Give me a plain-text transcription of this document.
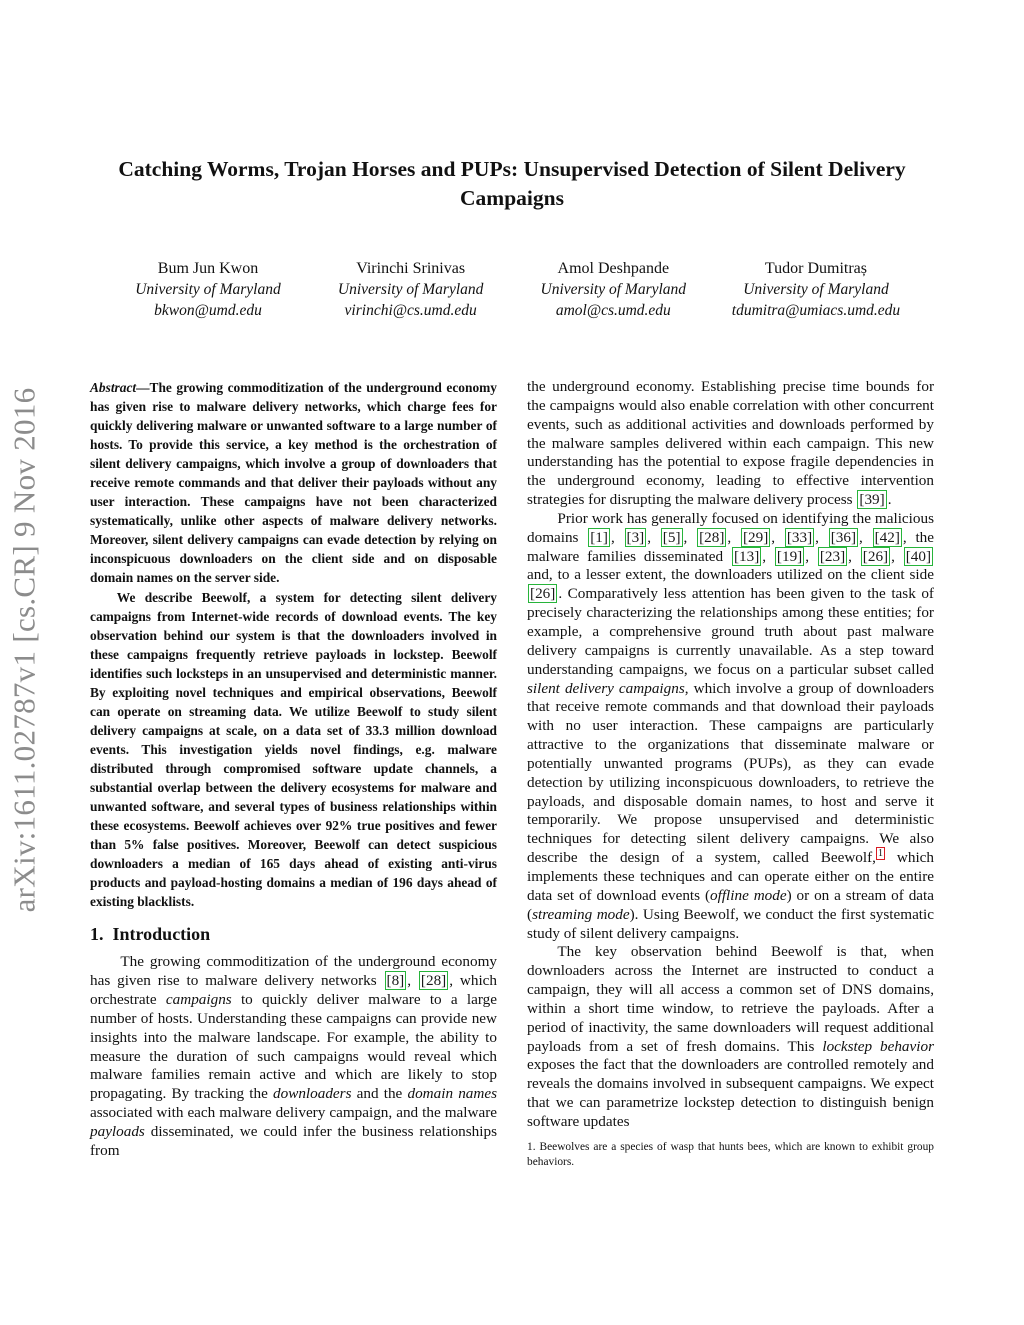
arXiv:1611.02787v1 [cs.CR] 9 Nov 2016
Catching Worms, Trojan Horses and PUPs: Unsupervised Detection of Silent Delivery Campaigns
Bum Jun Kwon
University of Maryland
bkwon@umd.edu
Virinchi Srinivas
University of Maryland
virinchi@cs.umd.edu
Amol Deshpande
University of Maryland
amol@cs.umd.edu
Tudor Dumitraș
University of Maryland
tdumitra@umiacs.umd.edu

Abstract—The growing commoditization of the underground economy has given rise to malware delivery networks, which charge fees for quickly delivering malware or unwanted software to a large number of hosts. To provide this service, a key method is the orchestration of silent delivery campaigns, which involve a group of downloaders that receive remote commands and that deliver their payloads without any user interaction. These campaigns have not been characterized systematically, unlike other aspects of malware delivery networks. Moreover, silent delivery campaigns can evade detection by relying on inconspicuous downloaders on the client side and on disposable domain names on the server side.

We describe Beewolf, a system for detecting silent delivery campaigns from Internet-wide records of download events. The key observation behind our system is that the downloaders involved in these campaigns frequently retrieve payloads in lockstep. Beewolf identifies such locksteps in an unsupervised and deterministic manner. By exploiting novel techniques and empirical observations, Beewolf can operate on streaming data. We utilize Beewolf to study silent delivery campaigns at scale, on a data set of 33.3 million download events. This investigation yields novel findings, e.g. malware distributed through compromised software update channels, a substantial overlap between the delivery ecosystems for malware and unwanted software, and several types of business relationships within these ecosystems. Beewolf achieves over 92% true positives and fewer than 5% false positives. Moreover, Beewolf can detect suspicious downloaders a median of 165 days ahead of existing anti-virus products and payload-hosting domains a median of 196 days ahead of existing blacklists.

1. Introduction

The growing commoditization of the underground economy has given rise to malware delivery networks [8] , [28] , which orchestrate campaigns to quickly deliver malware to a large number of hosts. Understanding these campaigns can provide new insights into the malware landscape. For example, the ability to measure the duration of such campaigns would reveal which malware families remain active and which are likely to stop propagating. By tracking the downloaders and the domain names associated with each malware delivery campaign, and the malware payloads disseminated, we could infer the business relationships from

the underground economy. Establishing precise time bounds for the campaigns would also enable correlation with other concurrent events, such as additional activities and downloads performed by the malware samples delivered within each campaign. This new understanding has the potential to expose fragile dependencies in the underground economy, leading to effective intervention strategies for disrupting the malware delivery process [39] .

Prior work has generally focused on identifying the malicious domains [1] , [3] , [5] , [28] , [29] , [33] , [36] , [42] , the malware families disseminated [13] , [19] , [23] , [26] , [40] and, to a lesser extent, the downloaders utilized on the client side [26] . Comparatively less attention has been given to the task of precisely characterizing the relationships among these entities; for example, a comprehensive ground truth about past malware delivery campaigns is currently unavailable. As a step toward understanding campaigns, we focus on a particular subset called silent delivery campaigns, which involve a group of downloaders that receive remote commands and that download their payloads with no user interaction. These campaigns are particularly attractive to the organizations that disseminate malware or potentially unwanted programs (PUPs), as they can evade detection by utilizing inconspicuous downloaders, to retrieve the payloads, and disposable domain names, to host and serve it temporarily. We propose unsupervised and deterministic techniques for detecting silent delivery campaigns. We also describe the design of a system, called Beewolf, $^1$ which implements these techniques and can operate either on the entire data set of download events (offline mode) or on a stream of data (streaming mode). Using Beewolf, we conduct the first systematic study of silent delivery campaigns.

The key observation behind Beewolf is that, when downloaders across the Internet are instructed to conduct a campaign, they will all access a common set of DNS domains, within a short time window, to retrieve the payloads. After a period of inactivity, the same downloaders will request additional payloads from a set of fresh domains. This lockstep behavior exposes the fact that the downloaders are controlled remotely and reveals the domains involved in subsequent campaigns. We expect that we can parametrize lockstep detection to distinguish benign software updates

1. Beewolves are a species of wasp that hunts bees, which are known to exhibit group behaviors.
